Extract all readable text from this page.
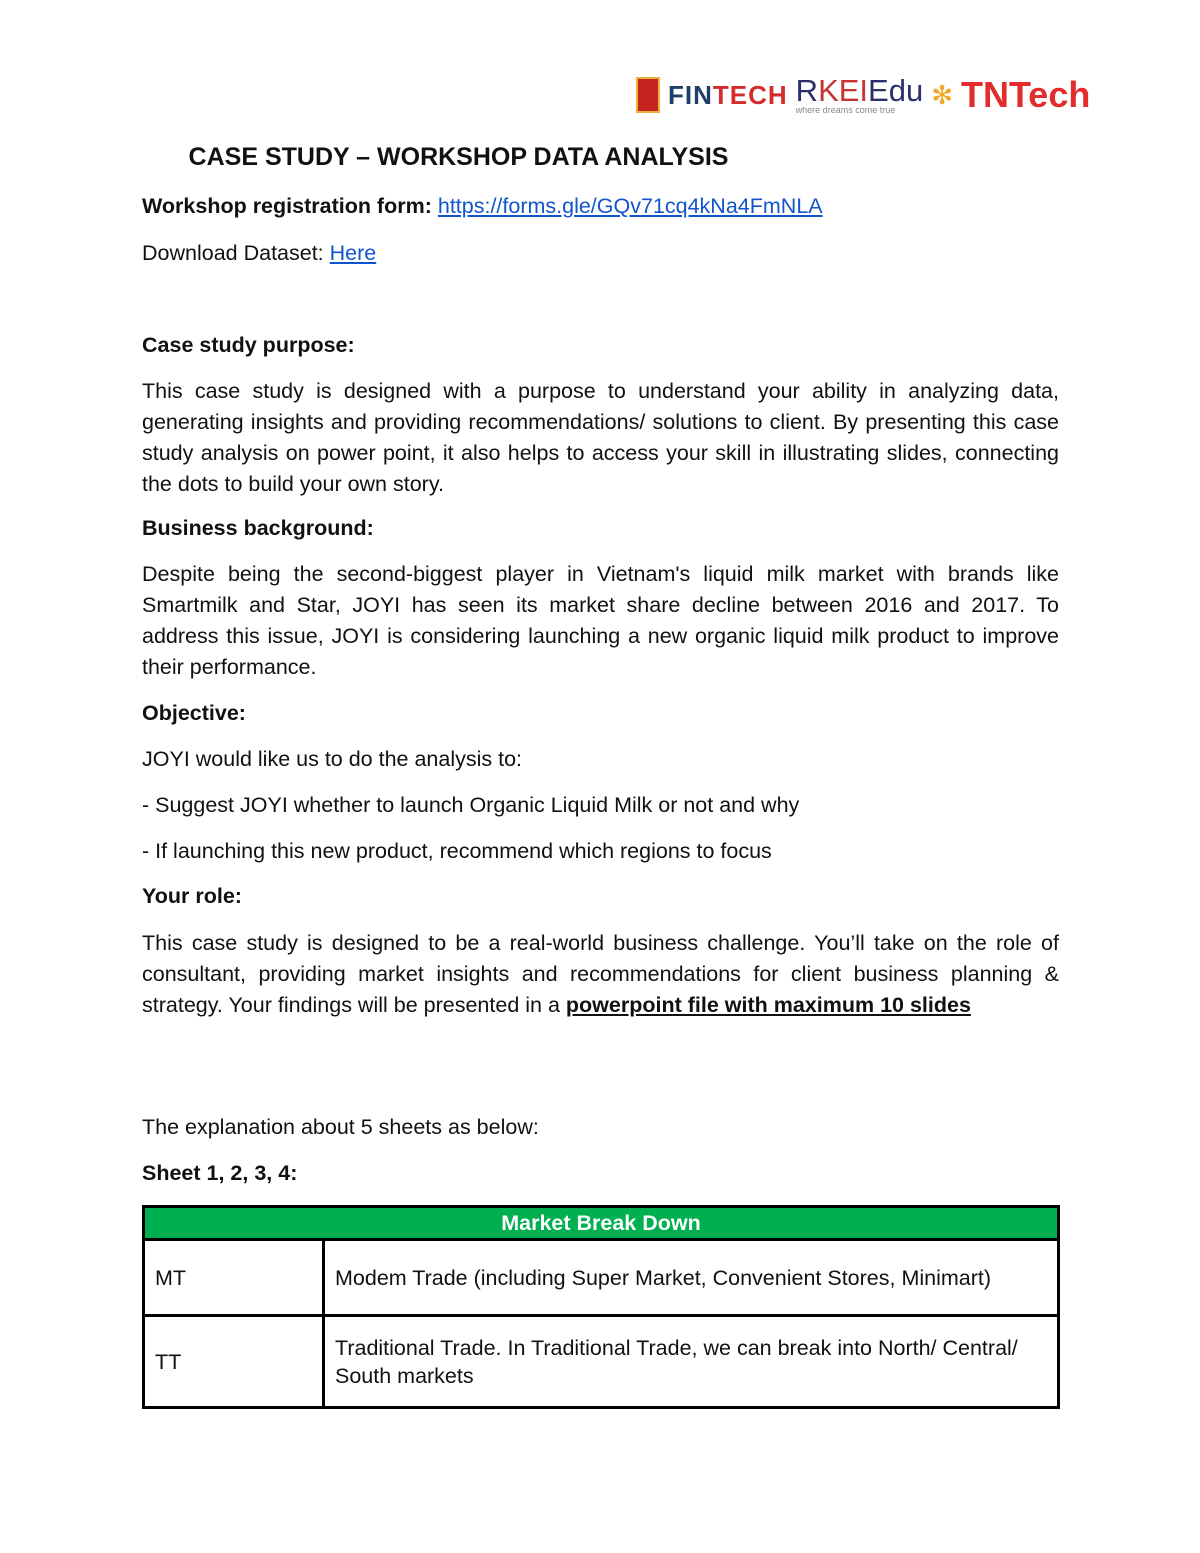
FINTECH RKEIEdu
where dreams come true
✻ TNTech
CASE STUDY – WORKSHOP DATA ANALYSIS

Workshop registration form: https://forms.gle/GQv71cq4kNa4FmNLA

Download Dataset: Here

Case study purpose:

This case study is designed with a purpose to understand your ability in analyzing data, generating insights and providing recommendations/ solutions to client. By presenting this case study analysis on power point, it also helps to access your skill in illustrating slides, connecting the dots to build your own story.

Business background:

Despite being the second-biggest player in Vietnam's liquid milk market with brands like Smartmilk and Star, JOYI has seen its market share decline between 2016 and 2017. To address this issue, JOYI is considering launching a new organic liquid milk product to improve their performance.

Objective:

JOYI would like us to do the analysis to:

- Suggest JOYI whether to launch Organic Liquid Milk or not and why

- If launching this new product, recommend which regions to focus

Your role:

This case study is designed to be a real-world business challenge. You’ll take on the role of consultant, providing market insights and recommendations for client business planning & strategy. Your findings will be presented in a powerpoint file with maximum 10 slides

The explanation about 5 sheets as below:

Sheet 1, 2, 3, 4:

Market Break Down	
MT	Modem Trade (including Super Market, Convenient Stores, Minimart)
TT	Traditional Trade. In Traditional Trade, we can break into North/ Central/ South markets
